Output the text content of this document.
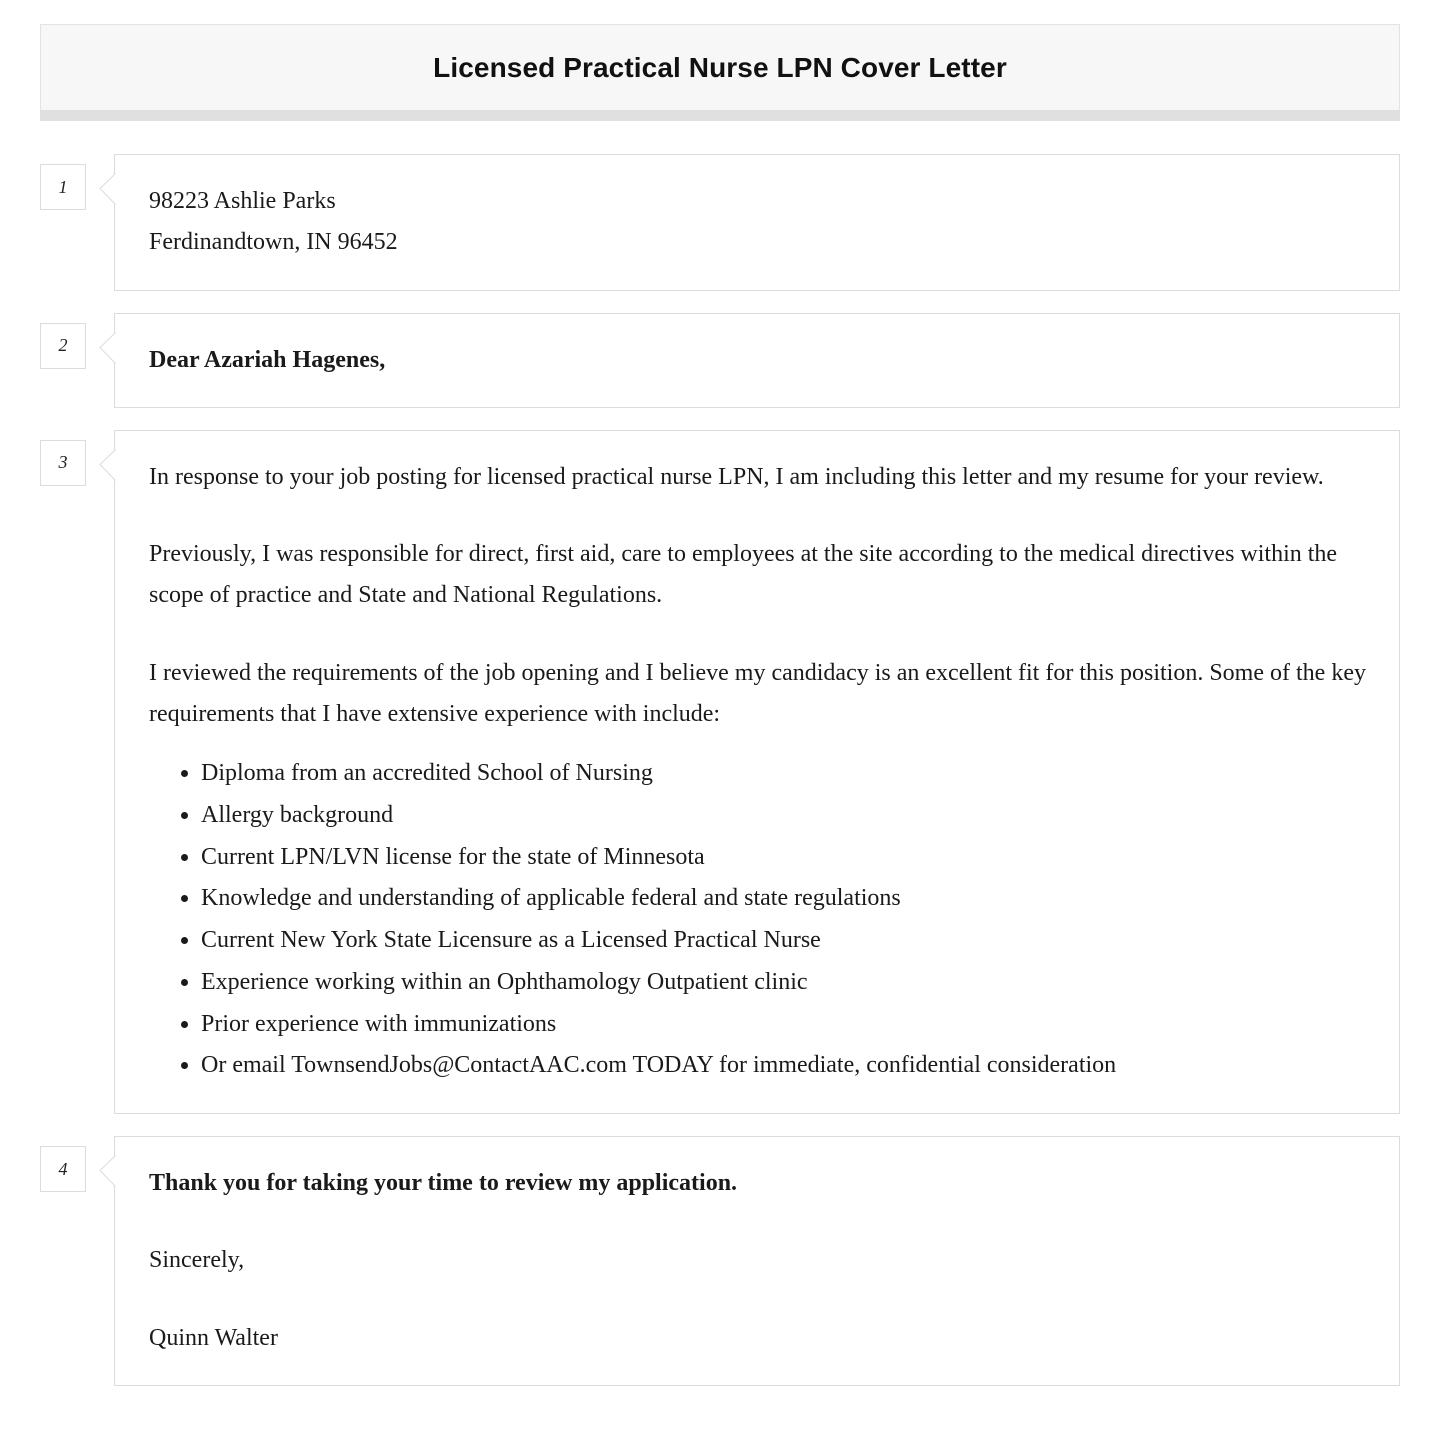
Licensed Practical Nurse LPN Cover Letter
1

98223 Ashlie Parks

Ferdinandtown, IN 96452

2

Dear Azariah Hagenes,

3

In response to your job posting for licensed practical nurse LPN, I am including this letter and my resume for your review.

Previously, I was responsible for direct, first aid, care to employees at the site according to the medical directives within the scope of practice and State and National Regulations.

I reviewed the requirements of the job opening and I believe my candidacy is an excellent fit for this position. Some of the key requirements that I have extensive experience with include:

• Diploma from an accredited School of Nursing
• Allergy background
• Current LPN/LVN license for the state of Minnesota
• Knowledge and understanding of applicable federal and state regulations
• Current New York State Licensure as a Licensed Practical Nurse
• Experience working within an Ophthamology Outpatient clinic
• Prior experience with immunizations
• Or email TownsendJobs@ContactAAC.com TODAY for immediate, confidential consideration
4

Thank you for taking your time to review my application.

Sincerely,

Quinn Walter
